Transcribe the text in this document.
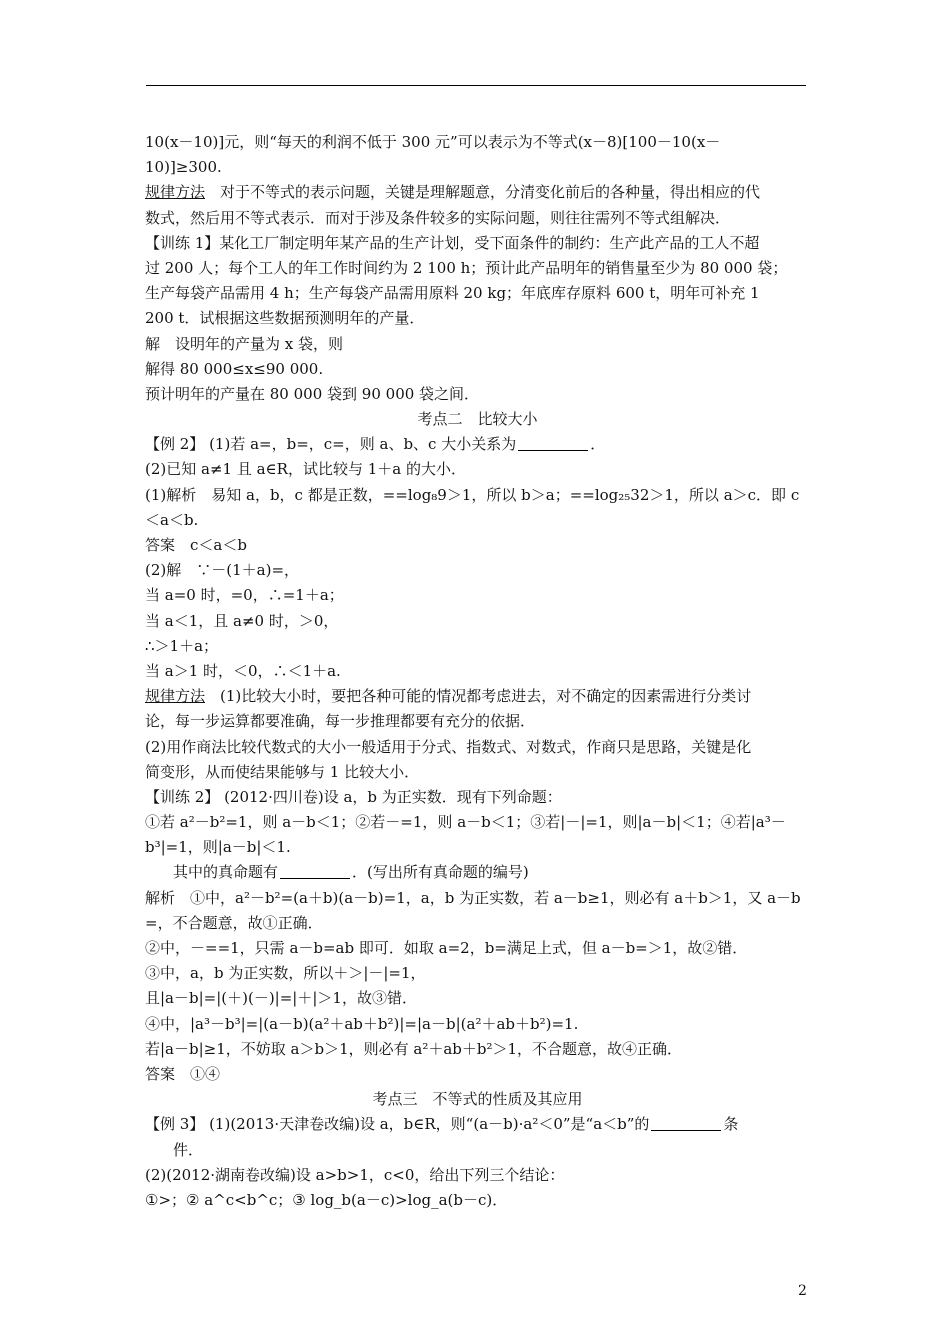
10(x－10)]元，则“每天的利润不低于 300 元”可以表示为不等式(x－8)[100－10(x－
10)]≥300.
规律方法　对于不等式的表示问题，关键是理解题意，分清变化前后的各种量，得出相应的代
数式，然后用不等式表示．而对于涉及条件较多的实际问题，则往往需列不等式组解决．
【训练 1】某化工厂制定明年某产品的生产计划，受下面条件的制约：生产此产品的工人不超
过 200 人；每个工人的年工作时间约为 2 100 h；预计此产品明年的销售量至少为 80 000 袋；
生产每袋产品需用 4 h；生产每袋产品需用原料 20 kg；年底库存原料 600 t，明年可补充 1
200 t．试根据这些数据预测明年的产量．
解　设明年的产量为 x 袋，则
解得 80 000≤x≤90 000.
预计明年的产量在 80 000 袋到 90 000 袋之间．
考点二　比较大小
【例 2】 (1)若 a=，b=，c=，则 a、b、c 大小关系为	．
(2)已知 a≠1 且 a∈R，试比较与 1＋a 的大小．
(1)解析　易知 a，b，c 都是正数，==log₈9＞1，所以 b＞a；==log₂₅32＞1，所以 a＞c．即 c
＜a＜b.
答案　c＜a＜b
(2)解　∵－(1＋a)=，
当 a=0 时，=0，∴=1＋a；
当 a＜1，且 a≠0 时，＞0，
∴＞1＋a；
当 a＞1 时，＜0，∴＜1＋a.
规律方法　(1)比较大小时，要把各种可能的情况都考虑进去，对不确定的因素需进行分类讨
论，每一步运算都要准确，每一步推理都要有充分的依据．
(2)用作商法比较代数式的大小一般适用于分式、指数式、对数式，作商只是思路，关键是化
简变形，从而使结果能够与 1 比较大小．
【训练 2】 (2012·四川卷)设 a，b 为正实数．现有下列命题：
①若 a²－b²=1，则 a－b＜1；②若－=1，则 a－b＜1；③若|－|=1，则|a－b|＜1；④若|a³－
b³|=1，则|a－b|＜1.
其中的真命题有	．(写出所有真命题的编号)
解析　①中，a²－b²=(a＋b)(a－b)=1，a，b 为正实数，若 a－b≥1，则必有 a＋b＞1，又 a－b
=，不合题意，故①正确．
②中，－==1，只需 a－b=ab 即可．如取 a=2，b=满足上式，但 a－b=＞1，故②错．
③中，a，b 为正实数，所以＋＞|－|=1，
且|a－b|=|(＋)(－)|=|＋|＞1，故③错．
④中，|a³－b³|=|(a－b)(a²＋ab＋b²)|=|a－b|(a²＋ab＋b²)=1.
若|a－b|≥1，不妨取 a＞b＞1，则必有 a²＋ab＋b²＞1，不合题意，故④正确．
答案　①④
考点三　不等式的性质及其应用
【例 3】 (1)(2013·天津卷改编)设 a，b∈R，则“(a－b)·a²＜0”是“a＜b”的	条
件．
(2)(2012·湖南卷改编)设 a>b>1，c<0，给出下列三个结论：
①>；② a^c<b^c；③ log_b(a－c)>log_a(b－c)．
2
